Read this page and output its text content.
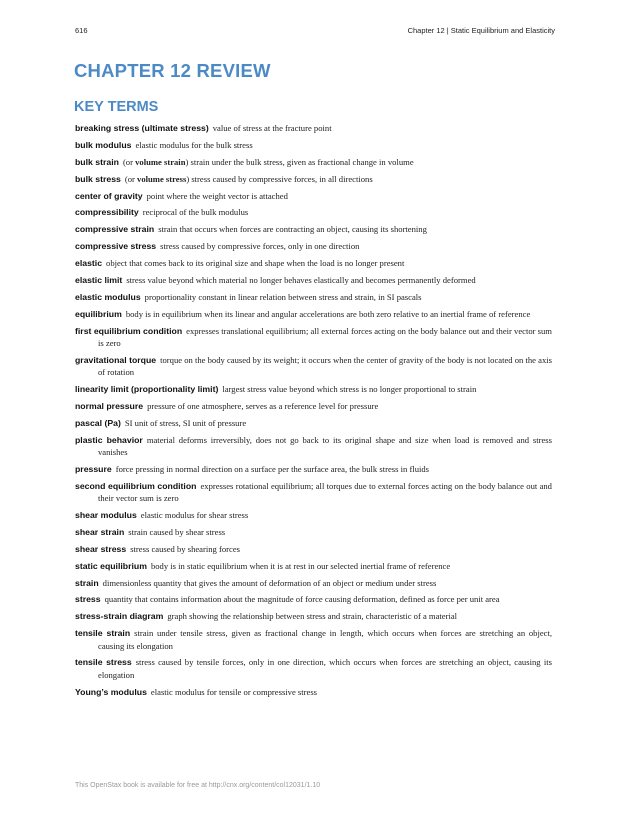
616	Chapter 12 | Static Equilibrium and Elasticity
CHAPTER 12 REVIEW
KEY TERMS

breaking stress (ultimate stress) value of stress at the fracture point

bulk modulus elastic modulus for the bulk stress

bulk strain (or volume strain) strain under the bulk stress, given as fractional change in volume

bulk stress (or volume stress) stress caused by compressive forces, in all directions

center of gravity point where the weight vector is attached

compressibility reciprocal of the bulk modulus

compressive strain strain that occurs when forces are contracting an object, causing its shortening

compressive stress stress caused by compressive forces, only in one direction

elastic object that comes back to its original size and shape when the load is no longer present

elastic limit stress value beyond which material no longer behaves elastically and becomes permanently deformed

elastic modulus proportionality constant in linear relation between stress and strain, in SI pascals

equilibrium body is in equilibrium when its linear and angular accelerations are both zero relative to an inertial frame of reference

first equilibrium condition expresses translational equilibrium; all external forces acting on the body balance out and their vector sum is zero

gravitational torque torque on the body caused by its weight; it occurs when the center of gravity of the body is not located on the axis of rotation

linearity limit (proportionality limit) largest stress value beyond which stress is no longer proportional to strain

normal pressure pressure of one atmosphere, serves as a reference level for pressure

pascal (Pa) SI unit of stress, SI unit of pressure

plastic behavior material deforms irreversibly, does not go back to its original shape and size when load is removed and stress vanishes

pressure force pressing in normal direction on a surface per the surface area, the bulk stress in fluids

second equilibrium condition expresses rotational equilibrium; all torques due to external forces acting on the body balance out and their vector sum is zero

shear modulus elastic modulus for shear stress

shear strain strain caused by shear stress

shear stress stress caused by shearing forces

static equilibrium body is in static equilibrium when it is at rest in our selected inertial frame of reference

strain dimensionless quantity that gives the amount of deformation of an object or medium under stress

stress quantity that contains information about the magnitude of force causing deformation, defined as force per unit area

stress-strain diagram graph showing the relationship between stress and strain, characteristic of a material

tensile strain strain under tensile stress, given as fractional change in length, which occurs when forces are stretching an object, causing its elongation

tensile stress stress caused by tensile forces, only in one direction, which occurs when forces are stretching an object, causing its elongation

Young’s modulus elastic modulus for tensile or compressive stress

This OpenStax book is available for free at http://cnx.org/content/col12031/1.10
